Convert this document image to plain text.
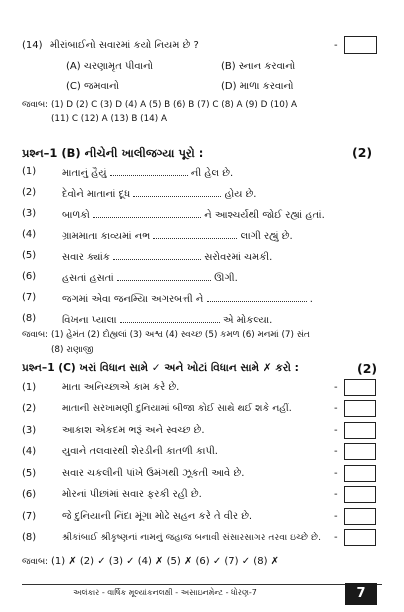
(14) મીરાંબાઈનો સવારમાં કયો નિયમ છે ?	-
(A) ચરણામૃત પીવાનો	(B) સ્નાન કરવાનો
(C) જમવાનો	(D) માળા કરવાનો
જવાબ: (1) D (2) C (3) D (4) A (5) B (6) B (7) C (8) A (9) D (10) A
(11) C (12) A (13) B (14) A
પ્રશ્ન–1 (B) નીચેની ખાલીજગ્યા પૂરો :	(2)
(1)	માતાનું હૈયું	ની હેલ છે.
(2)	દેવોને માતાનાં દૂધ	હોય છે.
(3)	બાળકો	ને આશ્ચર્યથી જોઈ રહ્યાં હતાં.
(4)	ગ્રામમાતા કાવ્યમાં નભ	લાગી રહ્યું છે.
(5)	સવાર ક્યાંક	સરોવરમાં ચમકી.
(6)	હસતાં હસતાં	ઊગી.
(7)	જગમાં એવા જનમ્યિા અગરબત્તી ને	.
(8)	વિખના પ્યાલા	એ મોકલ્યા.
જવાબ: (1) હેમંત (2) દોહ્યલાં (3) અશ્વ (4) સ્વચ્છ (5) કમળ (6) મનમાં (7) સંત
(8) રાણાજી
પ્રશ્ન–1 (C) ખરાં વિધાન સામે ✓ અને ખોટાં વિધાન સામે ✗ કરો :	(2)
(1)	માતા અનિચ્છાએ કામ કરે છે.	-
(2)	માતાની સરખામણી દુનિયામાં બીજા કોઈ સાથે થઈ શકે નહીં.	-
(3)	આકાશ એકદમ ભરૂં અને સ્વચ્છ છે.	-
(4)	યુવાને તલવારથી શેરડીની કાતળી કાપી.	-
(5)	સવાર ચકલીની પાંખે ઉમંગથી ઝૂકતી આવે છે.	-
(6)	મોરનાં પીછાંમાં સવાર ફરકી રહી છે.	-
(7)	જે દુનિયાની નિંદા મૂંગા મોઢે સહન કરે તે વીર છે.	-
(8)	શ્રીકાંબાઈ શ્રીકૃષ્ણનાં નામનું જહાજ બનાવી સંસારસાગર તરવા ઇચ્છે છે. -
જવાબ: (1) ✗ (2) ✓ (3) ✓ (4) ✗ (5) ✗ (6) ✓ (7) ✓ (8) ✗
અલંકાર - વાર્ષિક મૂલ્યાંકનલક્ષી - અસાઇનમેન્ટ - ધોરણ-7	7
